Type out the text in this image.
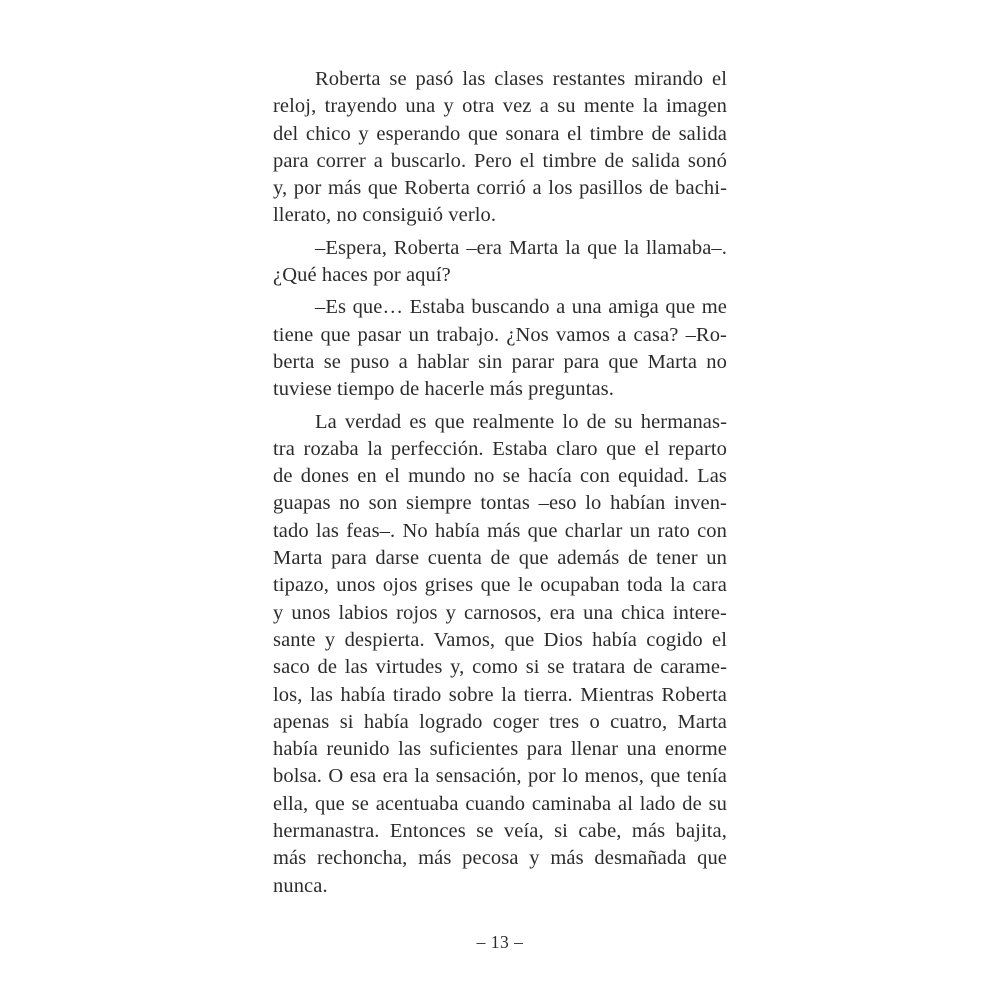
Roberta se pasó las clases restantes mirando el
reloj, trayendo una y otra vez a su mente la imagen
del chico y esperando que sonara el timbre de salida
para correr a buscarlo. Pero el timbre de salida sonó
y, por más que Roberta corrió a los pasillos de bachi-
llerato, no consiguió verlo.
–Espera, Roberta –era Marta la que la llamaba–.
¿Qué haces por aquí?
–Es que… Estaba buscando a una amiga que me
tiene que pasar un trabajo. ¿Nos vamos a casa? –Ro-
berta se puso a hablar sin parar para que Marta no
tuviese tiempo de hacerle más preguntas.
La verdad es que realmente lo de su hermanas-
tra rozaba la perfección. Estaba claro que el reparto
de dones en el mundo no se hacía con equidad. Las
guapas no son siempre tontas –eso lo habían inven-
tado las feas–. No había más que charlar un rato con
Marta para darse cuenta de que además de tener un
tipazo, unos ojos grises que le ocupaban toda la cara
y unos labios rojos y carnosos, era una chica intere-
sante y despierta. Vamos, que Dios había cogido el
saco de las virtudes y, como si se tratara de carame-
los, las había tirado sobre la tierra. Mientras Roberta
apenas si había logrado coger tres o cuatro, Marta
había reunido las suficientes para llenar una enorme
bolsa. O esa era la sensación, por lo menos, que tenía
ella, que se acentuaba cuando caminaba al lado de su
hermanastra. Entonces se veía, si cabe, más bajita,
más rechoncha, más pecosa y más desmañada que
nunca.
– 13 –
